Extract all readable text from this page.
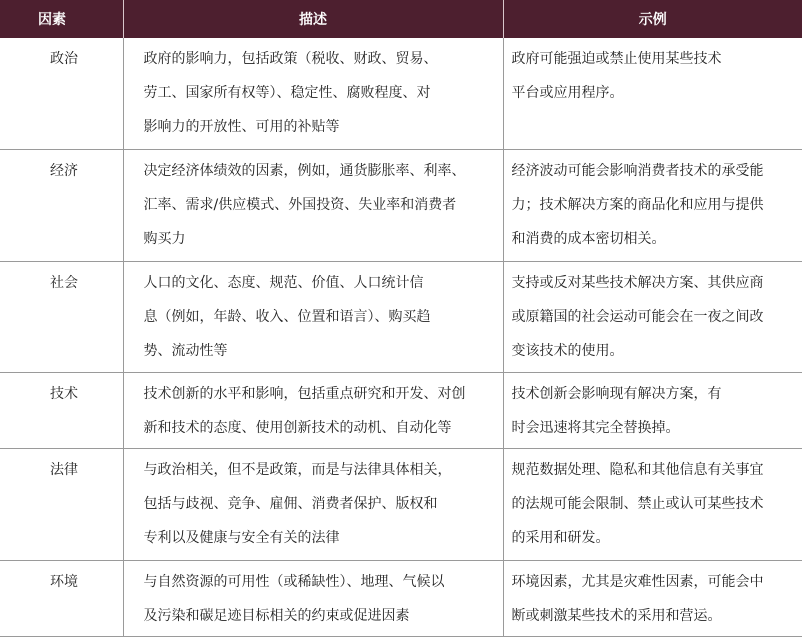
因素	描述	示例
政治	政府的影响力，包括政策（税收、财政、贸易、
劳工、国家所有权等）、稳定性、腐败程度、对
影响力的开放性、可用的补贴等	政府可能强迫或禁止使用某些技术
平台或应用程序。

经济	决定经济体绩效的因素，例如，通货膨胀率、利率、
汇率、需求/供应模式、外国投资、失业率和消费者
购买力	经济波动可能会影响消费者技术的承受能
力；技术解决方案的商品化和应用与提供
和消费的成本密切相关。

社会	人口的文化、态度、规范、价值、人口统计信
息（例如，年龄、收入、位置和语言）、购买趋
势、流动性等	支持或反对某些技术解决方案、其供应商
或原籍国的社会运动可能会在一夜之间改
变该技术的使用。

技术	技术创新的水平和影响，包括重点研究和开发、对创
新和技术的态度、使用创新技术的动机、自动化等	技术创新会影响现有解决方案，有
时会迅速将其完全替换掉。

法律	与政治相关，但不是政策，而是与法律具体相关，
包括与歧视、竞争、雇佣、消费者保护、版权和
专利以及健康与安全有关的法律	规范数据处理、隐私和其他信息有关事宜
的法规可能会限制、禁止或认可某些技术
的采用和研发。

环境	与自然资源的可用性（或稀缺性）、地理、气候以
及污染和碳足迹目标相关的约束或促进因素	环境因素，尤其是灾难性因素，可能会中
断或刺激某些技术的采用和营运。
